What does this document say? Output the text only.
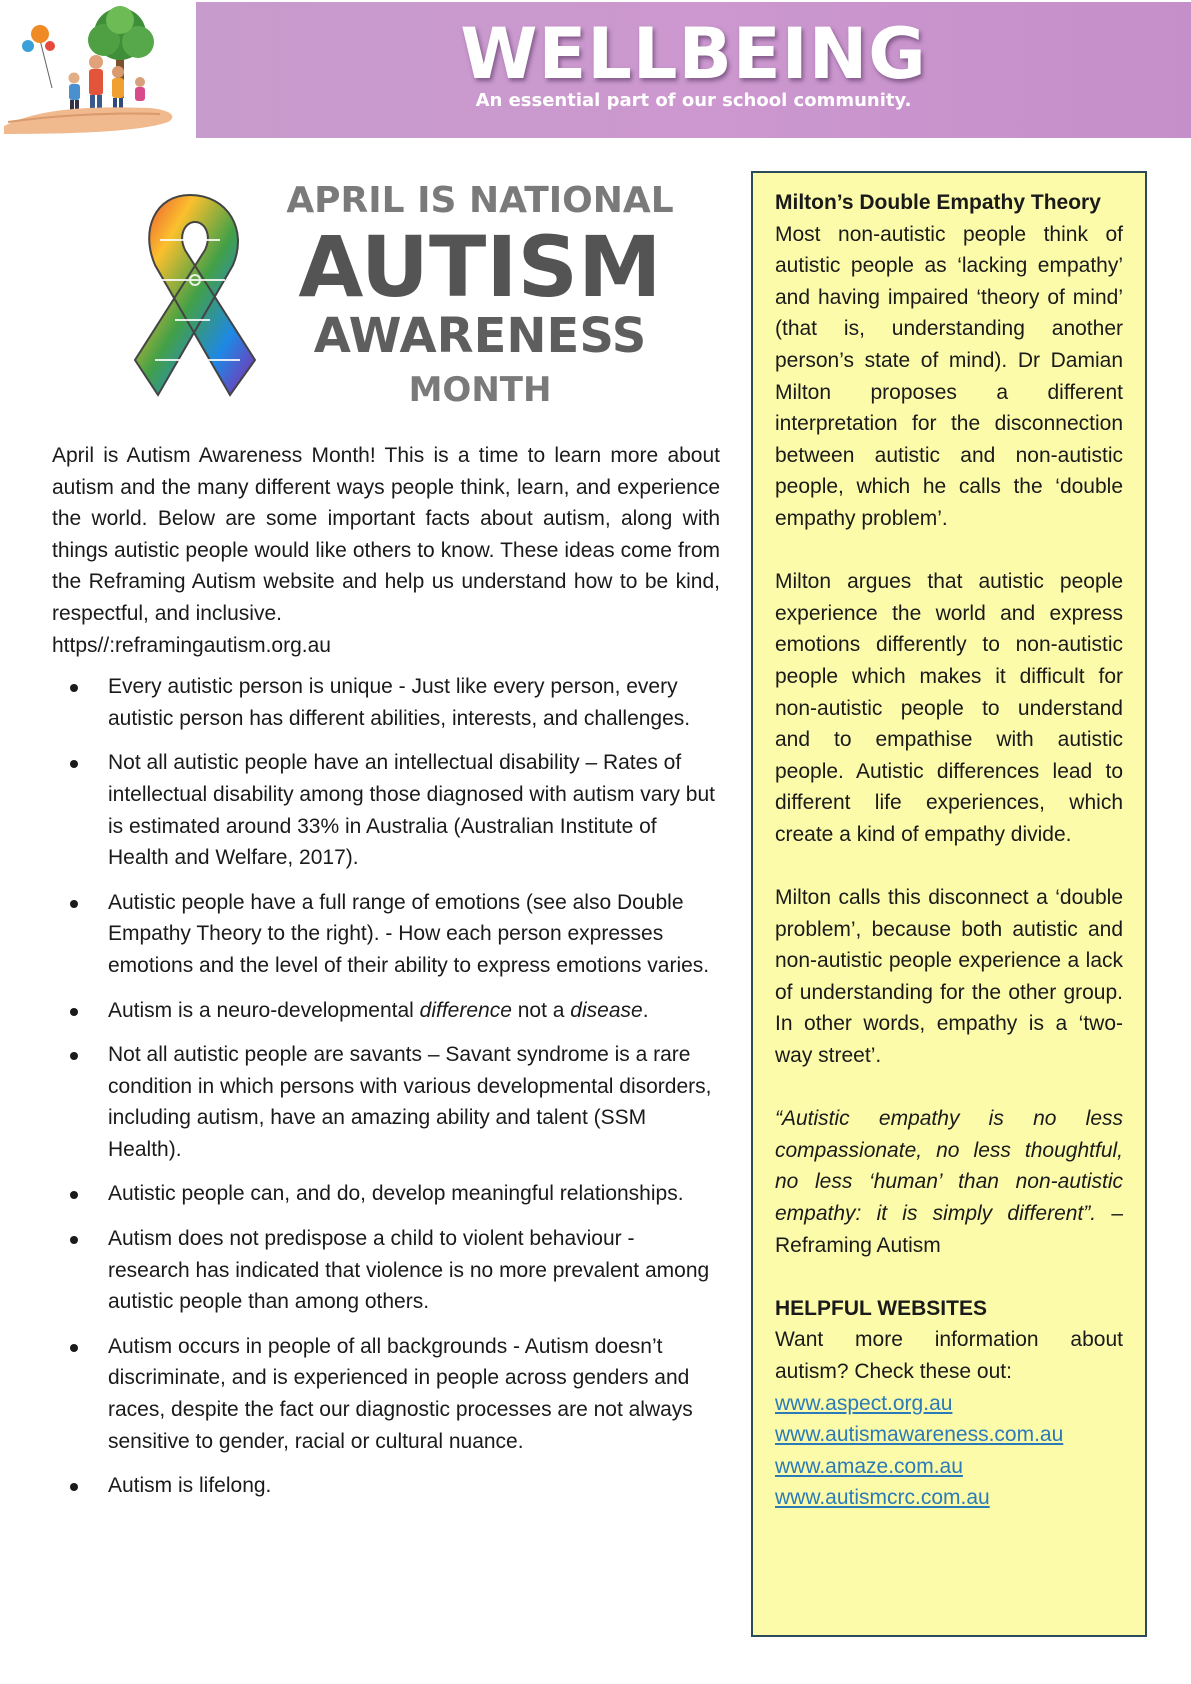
WELLBEING
An essential part of our school community.
APRIL IS NATIONAL
AUTISM
AWARENESS
MONTH

April is Autism Awareness Month! This is a time to learn more about autism and the many different ways people think, learn, and experience the world. Below are some important facts about autism, along with things autistic people would like others to know. These ideas come from the Reframing Autism website and help us understand how to be kind, respectful, and inclusive.
https//:reframingautism.org.au

Every autistic person is unique - Just like every person, every autistic person has different abilities, interests, and challenges.
Not all autistic people have an intellectual disability – Rates of intellectual disability among those diagnosed with autism vary but is estimated around 33% in Australia (Australian Institute of Health and Welfare, 2017).
Autistic people have a full range of emotions (see also Double Empathy Theory to the right). - How each person expresses emotions and the level of their ability to express emotions varies.
Autism is a neuro-developmental difference not a disease.
Not all autistic people are savants – Savant syndrome is a rare condition in which persons with various developmental disorders, including autism, have an amazing ability and talent (SSM Health).
Autistic people can, and do, develop meaningful relationships.
Autism does not predispose a child to violent behaviour - research has indicated that violence is no more prevalent among autistic people than among others.
Autism occurs in people of all backgrounds - Autism doesn’t discriminate, and is experienced in people across genders and races, despite the fact our diagnostic processes are not always sensitive to gender, racial or cultural nuance.
Autism is lifelong.
Milton’s Double Empathy Theory

Most non-autistic people think of autistic people as ‘lacking empathy’ and having impaired ‘theory of mind’ (that is, understanding another person’s state of mind). Dr Damian Milton proposes a different interpretation for the disconnection between autistic and non-autistic people, which he calls the ‘double empathy problem’.

Milton argues that autistic people experience the world and express emotions differently to non-autistic people which makes it difficult for non-autistic people to understand and to empathise with autistic people. Autistic differences lead to different life experiences, which create a kind of empathy divide.

Milton calls this disconnect a ‘double problem’, because both autistic and non-autistic people experience a lack of understanding for the other group. In other words, empathy is a ‘two-way street’.

“Autistic empathy is no less compassionate, no less thoughtful, no less ‘human’ than non-autistic empathy: it is simply different”. – Reframing Autism

HELPFUL WEBSITES

Want more information about autism? Check these out:

www.aspect.org.au
www.autismawareness.com.au
www.amaze.com.au
www.autismcrc.com.au
